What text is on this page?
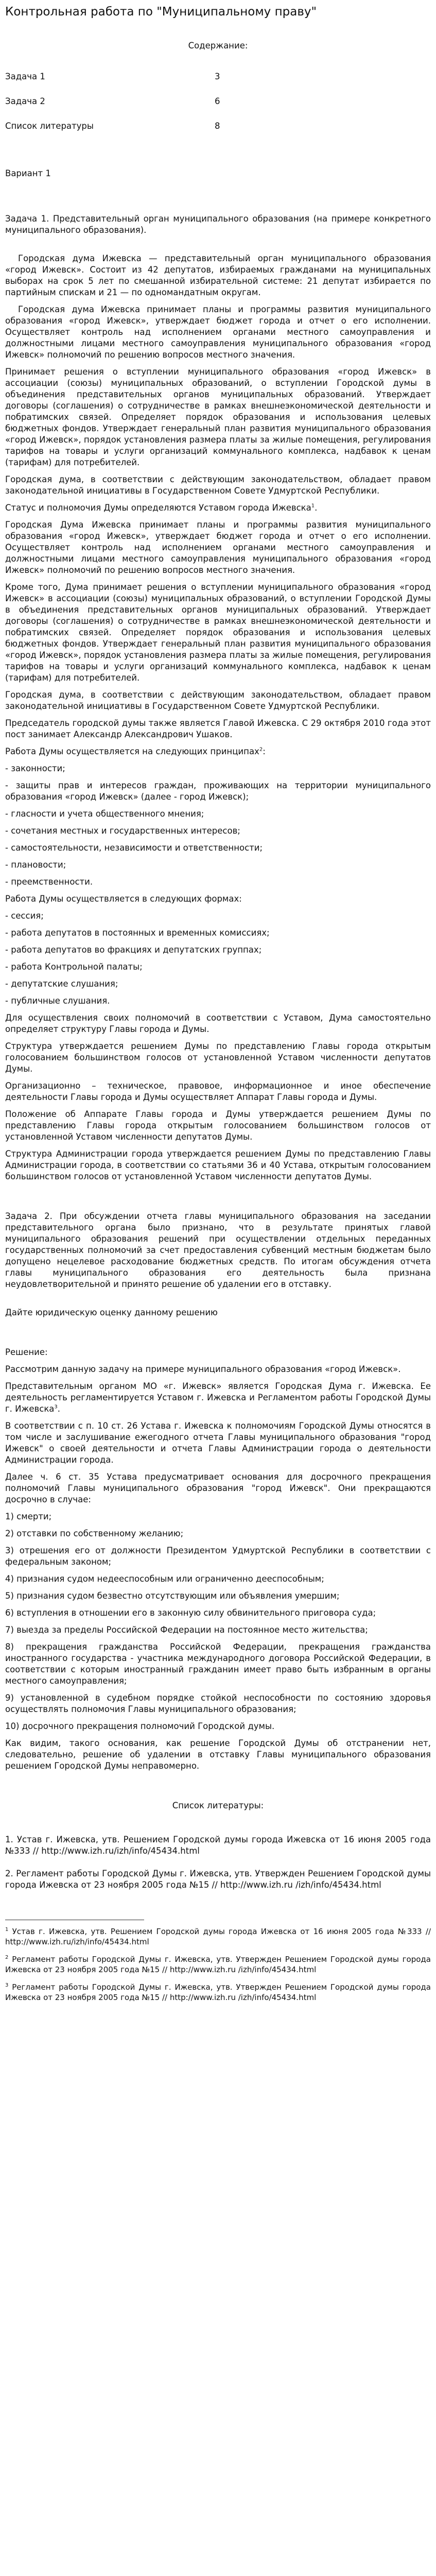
Контрольная работа по "Муниципальному праву"
Содержание:
Задача 1	3
Задача 2	6
Список литературы	8
Вариант 1

Задача 1. Представительный орган муниципального образования (на примере конкретного муниципального образования).

Городская дума Ижевска — представительный орган муниципального образования «город Ижевск». Состоит из 42 депутатов, избираемых гражданами на муниципальных выборах на срок 5 лет по смешанной избирательной системе: 21 депутат избирается по партийным спискам и 21 — по одномандатным округам.

Городская дума Ижевска принимает планы и программы развития муниципального образования «город Ижевск», утверждает бюджет города и отчет о его исполнении. Осуществляет контроль над исполнением органами местного самоуправления и должностными лицами местного самоуправления муниципального образования «город Ижевск» полномочий по решению вопросов местного значения.

Принимает решения о вступлении муниципального образования «город Ижевск» в ассоциации (союзы) муниципальных образований, о вступлении Городской думы в объединения представительных органов муниципальных образований. Утверждает договоры (соглашения) о сотрудничестве в рамках внешнеэкономической деятельности и побратимских связей. Определяет порядок образования и использования целевых бюджетных фондов. Утверждает генеральный план развития муниципального образования «город Ижевск», порядок установления размера платы за жилые помещения, регулирования тарифов на товары и услуги организаций коммунального комплекса, надбавок к ценам (тарифам) для потребителей.

Городская дума, в соответствии с действующим законодательством, обладает правом законодательной инициативы в Государственном Совете Удмуртской Республики.

Статус и полномочия Думы определяются Уставом города Ижевска$^1$.

Городская Дума Ижевска принимает планы и программы развития муниципального образования «город Ижевск», утверждает бюджет города и отчет о его исполнении. Осуществляет контроль над исполнением органами местного самоуправления и должностными лицами местного самоуправления муниципального образования «город Ижевск» полномочий по решению вопросов местного значения.

Кроме того, Дума принимает решения о вступлении муниципального образования «город Ижевск» в ассоциации (союзы) муниципальных образований, о вступлении Городской Думы в объединения представительных органов муниципальных образований. Утверждает договоры (соглашения) о сотрудничестве в рамках внешнеэкономической деятельности и побратимских связей. Определяет порядок образования и использования целевых бюджетных фондов. Утверждает генеральный план развития муниципального образования «город Ижевск», порядок установления размера платы за жилые помещения, регулирования тарифов на товары и услуги организаций коммунального комплекса, надбавок к ценам (тарифам) для потребителей.

Городская дума, в соответствии с действующим законодательством, обладает правом законодательной инициативы в Государственном Совете Удмуртской Республики.

Председатель городской думы также является Главой Ижевска. С 29 октября 2010 года этот пост занимает Александр Александрович Ушаков.

Работа Думы осуществляется на следующих принципах$^2$:

- законности;

- защиты прав и интересов граждан, проживающих на территории муниципального образования «город Ижевск» (далее - город Ижевск);

- гласности и учета общественного мнения;

- сочетания местных и государственных интересов;

- самостоятельности, независимости и ответственности;

- плановости;

- преемственности.

Работа Думы осуществляется в следующих формах:

- сессия;

- работа депутатов в постоянных и временных комиссиях;

- работа депутатов во фракциях и депутатских группах;

- работа Контрольной палаты;

- депутатские слушания;

- публичные слушания.

Для осуществления своих полномочий в соответствии с Уставом, Дума самостоятельно определяет структуру Главы города и Думы.

Структура утверждается решением Думы по представлению Главы города открытым голосованием большинством голосов от установленной Уставом численности депутатов Думы.

Организационно – техническое, правовое, информационное и иное обеспечение деятельности Главы города и Думы осуществляет Аппарат Главы города и Думы.

Положение об Аппарате Главы города и Думы утверждается решением Думы по представлению Главы города открытым голосованием большинством голосов от установленной Уставом численности депутатов Думы.

Структура Администрации города утверждается решением Думы по представлению Главы Администрации города, в соответствии со статьями 36 и 40 Устава, открытым голосованием большинством голосов от установленной Уставом численности депутатов Думы.

Задача 2. При обсуждении отчета главы муниципального образования на заседании представительного органа было признано, что в результате принятых главой муниципального образования решений при осуществлении отдельных переданных государственных полномочий за счет предоставления субвенций местным бюджетам было допущено нецелевое расходование бюджетных средств. По итогам обсуждения отчета главы муниципального образования его деятельность была признана неудовлетворительной и принято решение об удалении его в отставку.

Дайте юридическую оценку данному решению

Решение:

Рассмотрим данную задачу на примере муниципального образования «город Ижевск».

Представительным органом МО «г. Ижевск» является Городская Дума г. Ижевска. Ее деятельность регламентируется Уставом г. Ижевска и Регламентом работы Городской Думы г. Ижевска$^3$.

В соответствии с п. 10 ст. 26 Устава г. Ижевска к полномочиям Городской Думы относятся в том числе и заслушивание ежегодного отчета Главы муниципального образования "город Ижевск" о своей деятельности и отчета Главы Администрации города о деятельности Администрации города.

Далее ч. 6 ст. 35 Устава предусматривает основания для досрочного прекращения полномочий Главы муниципального образования "город Ижевск". Они прекращаются досрочно в случае:

1) смерти;

2) отставки по собственному желанию;

3) отрешения его от должности Президентом Удмуртской Республики в соответствии с федеральным законом;

4) признания судом недееспособным или ограниченно дееспособным;

5) признания судом безвестно отсутствующим или объявления умершим;

6) вступления в отношении его в законную силу обвинительного приговора суда;

7) выезда за пределы Российской Федерации на постоянное место жительства;

8) прекращения гражданства Российской Федерации, прекращения гражданства иностранного государства - участника международного договора Российской Федерации, в соответствии с которым иностранный гражданин имеет право быть избранным в органы местного самоуправления;

9) установленной в судебном порядке стойкой неспособности по состоянию здоровья осуществлять полномочия Главы муниципального образования;

10) досрочного прекращения полномочий Городской думы.

Как видим, такого основания, как решение Городской Думы об отстранении нет, следовательно, решение об удалении в отставку Главы муниципального образования решением Городской Думы неправомерно.

Список литературы:

1. Устав г. Ижевска, утв. Решением Городской думы города Ижевска от 16 июня 2005 года №333 // http://www.izh.ru/izh/info/45434.html

2. Регламент работы Городской Думы г. Ижевска, утв. Утвержден Решением Городской думы города Ижевска от 23 ноября 2005 года №15 // http://www.izh.ru /izh/info/45434.html

$^1$ Устав г. Ижевска, утв. Решением Городской думы города Ижевска от 16 июня 2005 года №333 // http://www.izh.ru/izh/info/45434.html

$^2$ Регламент работы Городской Думы г. Ижевска, утв. Утвержден Решением Городской думы города Ижевска от 23 ноября 2005 года №15 // http://www.izh.ru /izh/info/45434.html

$^3$ Регламент работы Городской Думы г. Ижевска, утв. Утвержден Решением Городской думы города Ижевска от 23 ноября 2005 года №15 // http://www.izh.ru /izh/info/45434.html
